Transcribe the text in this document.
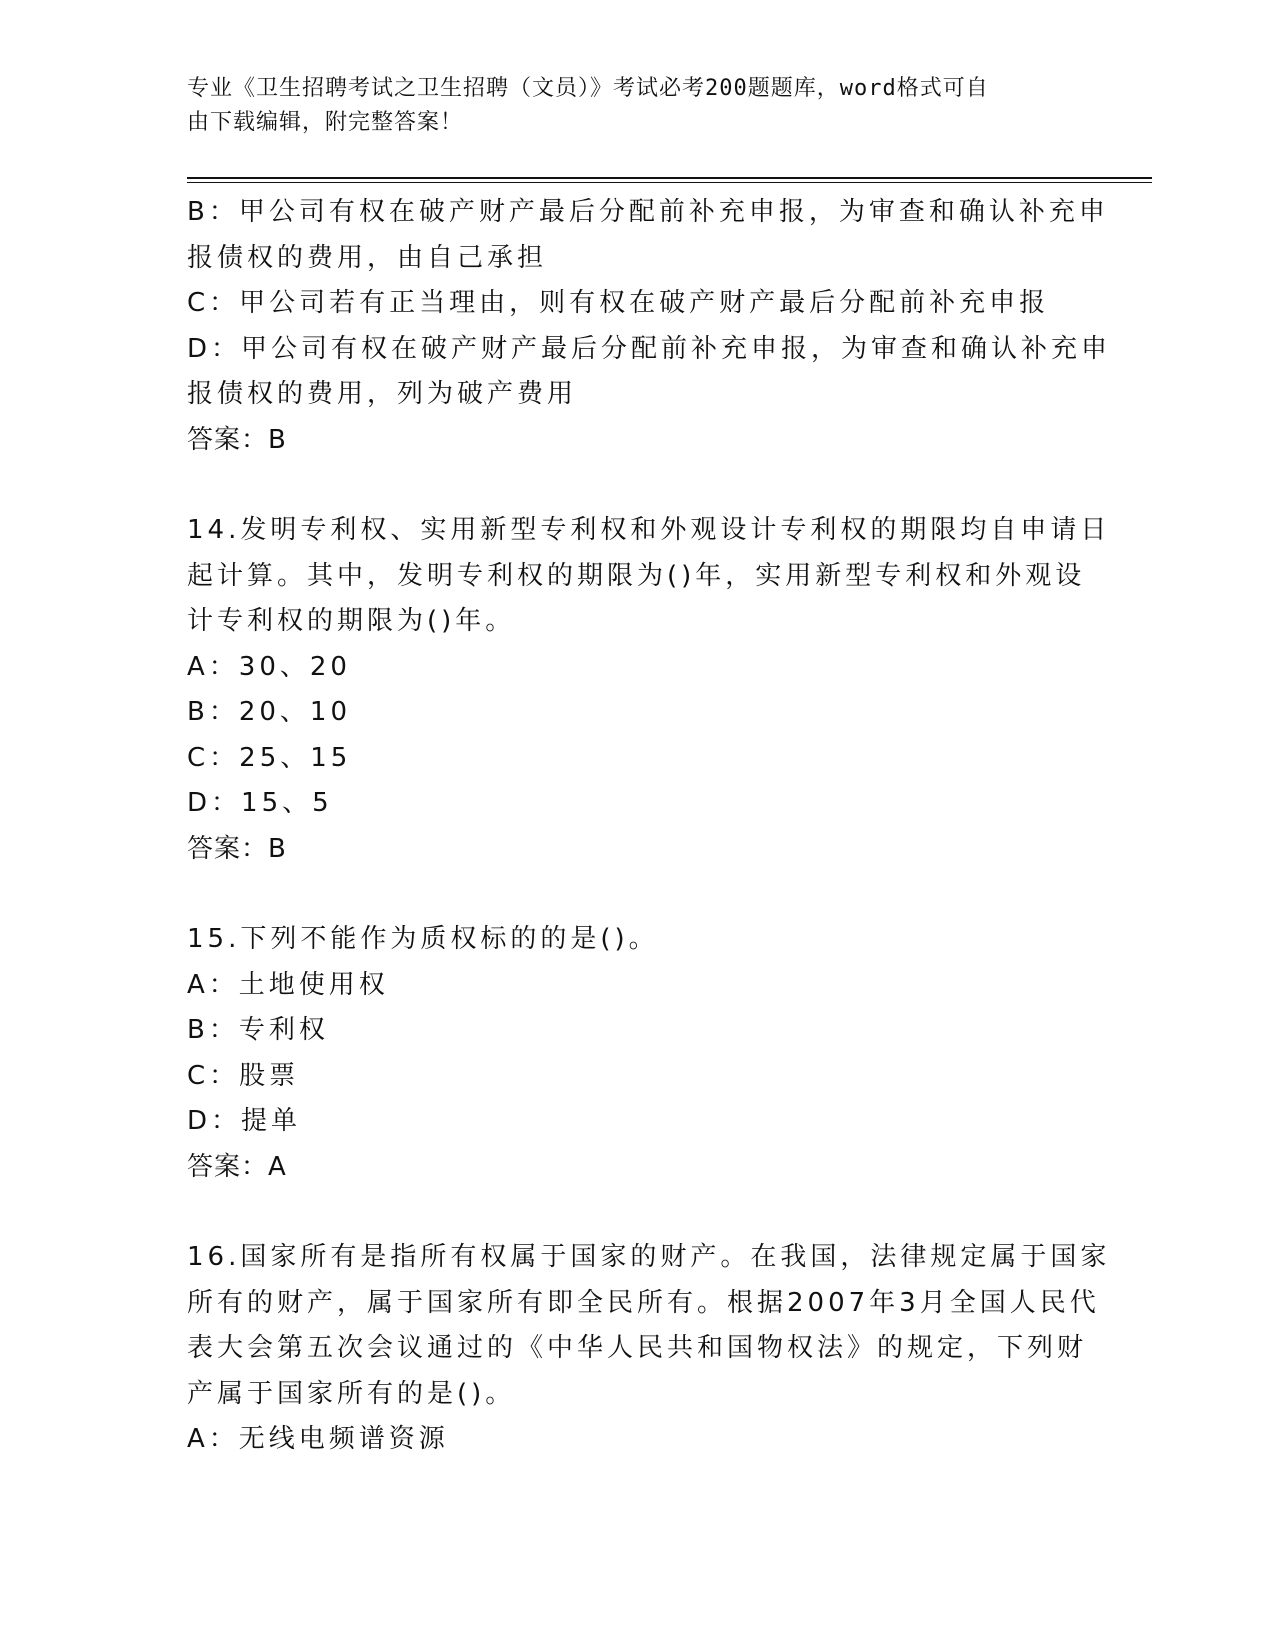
专业《卫生招聘考试之卫生招聘（文员）》考试必考200题题库，word格式可自
由下载编辑，附完整答案！
B：甲公司有权在破产财产最后分配前补充申报，为审查和确认补充申
报债权的费用，由自己承担
C：甲公司若有正当理由，则有权在破产财产最后分配前补充申报
D：甲公司有权在破产财产最后分配前补充申报，为审查和确认补充申
报债权的费用，列为破产费用
答案：B
14.发明专利权、实用新型专利权和外观设计专利权的期限均自申请日
起计算。其中，发明专利权的期限为()年，实用新型专利权和外观设
计专利权的期限为()年。
A：30、20
B：20、10
C：25、15
D：15、5
答案：B
15.下列不能作为质权标的的是()。
A：土地使用权
B：专利权
C：股票
D：提单
答案：A
16.国家所有是指所有权属于国家的财产。在我国，法律规定属于国家
所有的财产，属于国家所有即全民所有。根据2007年3月全国人民代
表大会第五次会议通过的《中华人民共和国物权法》的规定，下列财
产属于国家所有的是()。
A：无线电频谱资源
